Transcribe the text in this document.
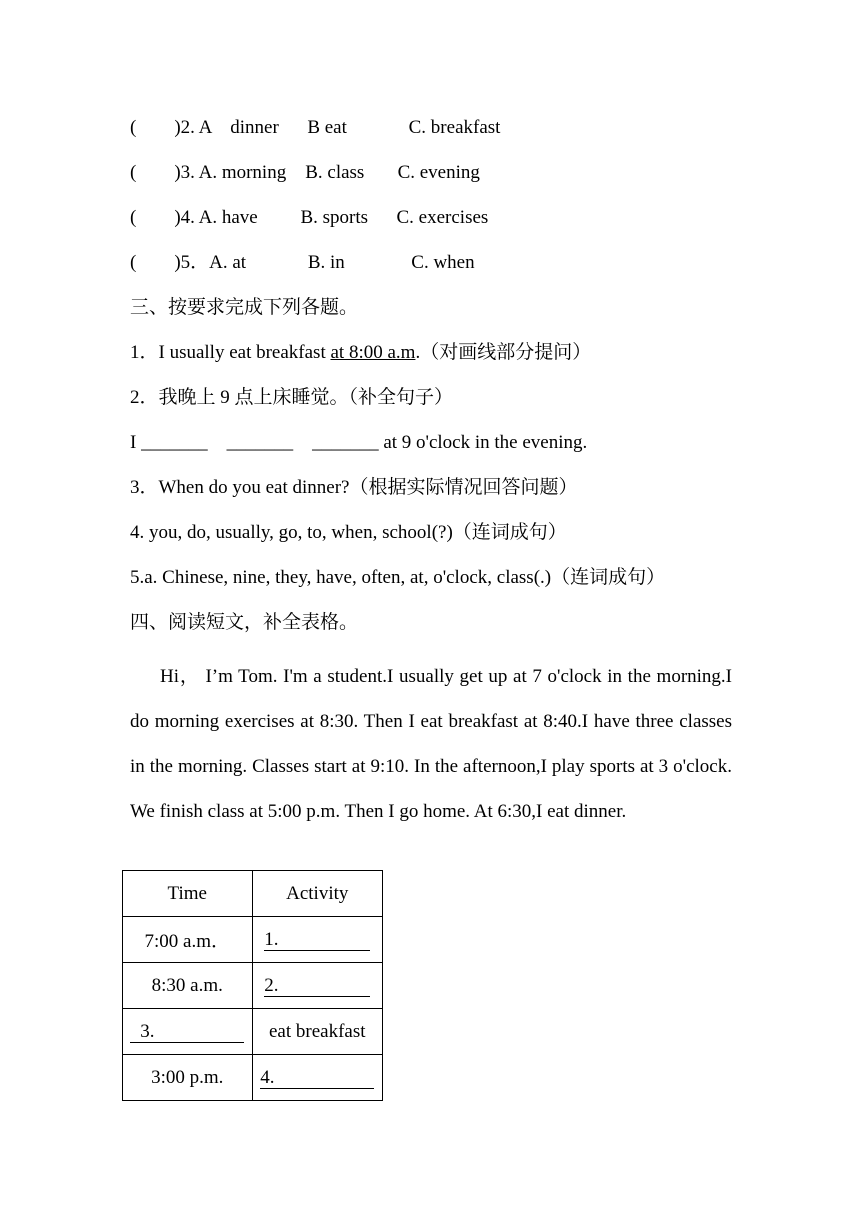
(        )2. A    dinner      B eat             C. breakfast
(        )3. A. morning    B. class       C. evening
(        )4. A. have         B. sports      C. exercises
(        )5．A. at             B. in              C. when
三、按要求完成下列各题。
1．I usually eat breakfast at 8:00 a.m.（对画线部分提问）
2．我晚上 9 点上床睡觉。（补全句子）
I _______    _______    _______ at 9 o'clock in the evening.
3．When do you eat dinner?（根据实际情况回答问题）
4. you, do, usually, go, to, when, school(?)（连词成句）
5.a. Chinese, nine, they, have, often, at, o'clock, class(.)（连词成句）
四、阅读短文，补全表格。
Hi， I’m Tom. I'm a student.I usually get up at 7 o'clock in the morning.I do morning exercises at 8:30. Then I eat breakfast at 8:40.I have three classes in the morning. Classes start at 9:10. In the afternoon,I play sports at 3 o'clock. We finish class at 5:00 p.m. Then I go home. At 6:30,I eat dinner.
Time	Activity
7:00 a.m．	1.
8:30 a.m.	2.
3.	eat breakfast
3:00 p.m.	4.
